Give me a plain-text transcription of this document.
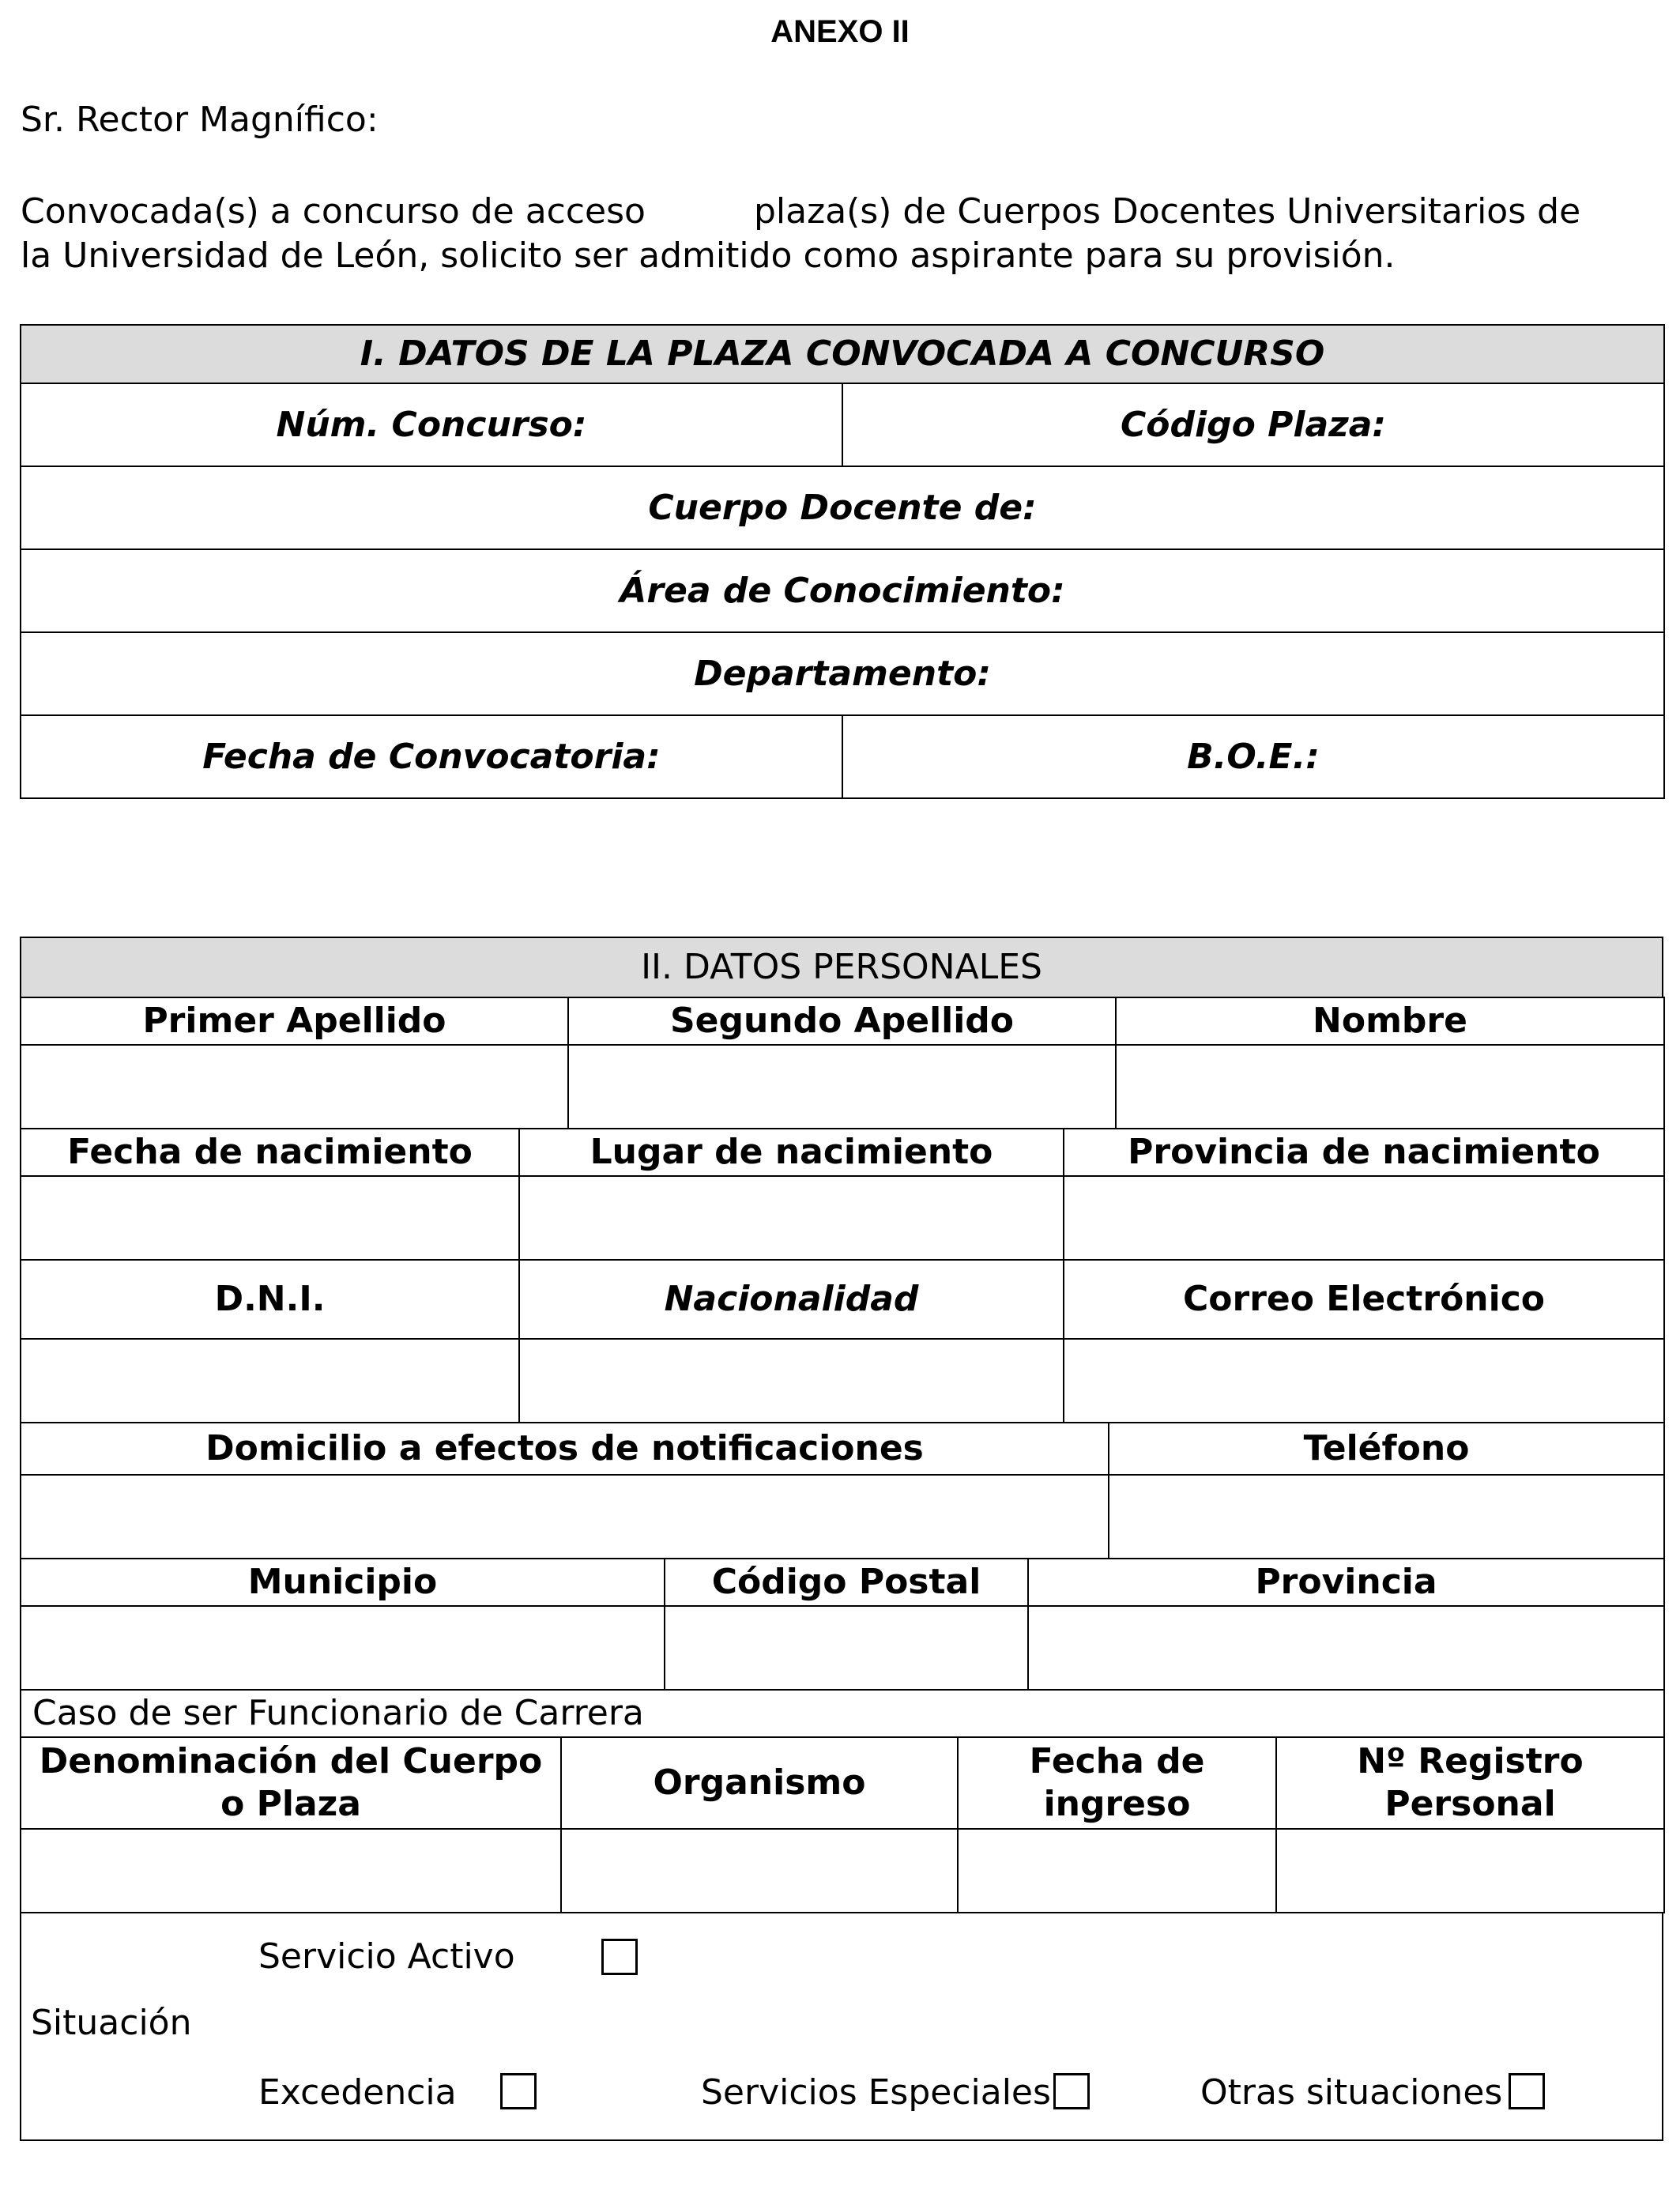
ANEXO II
Sr. Rector Magnífico:
Convocada(s) a concurso de acceso	plaza(s) de Cuerpos Docentes Universitarios de
la Universidad de León, solicito ser admitido como aspirante para su provisión.
I. DATOS DE LA PLAZA CONVOCADA A CONCURSO	
Núm. Concurso:	Código Plaza:
Cuerpo Docente de:	
Área de Conocimiento:	
Departamento:	
Fecha de Convocatoria:	B.O.E.:
II. DATOS PERSONALES
Primer Apellido	Segundo Apellido	Nombre

Fecha de nacimiento	Lugar de nacimiento	Provincia de nacimiento

D.N.I.	Nacionalidad	Correo Electrónico

Domicilio a efectos de notificaciones	Teléfono

Municipio	Código Postal	Provincia

Caso de ser Funcionario de Carrera			
Denominación del Cuerpo o Plaza	Organismo	Fecha de ingreso	Nº Registro Personal

Servicio Activo
Situación
Excedencia	Servicios Especiales	Otras situaciones
